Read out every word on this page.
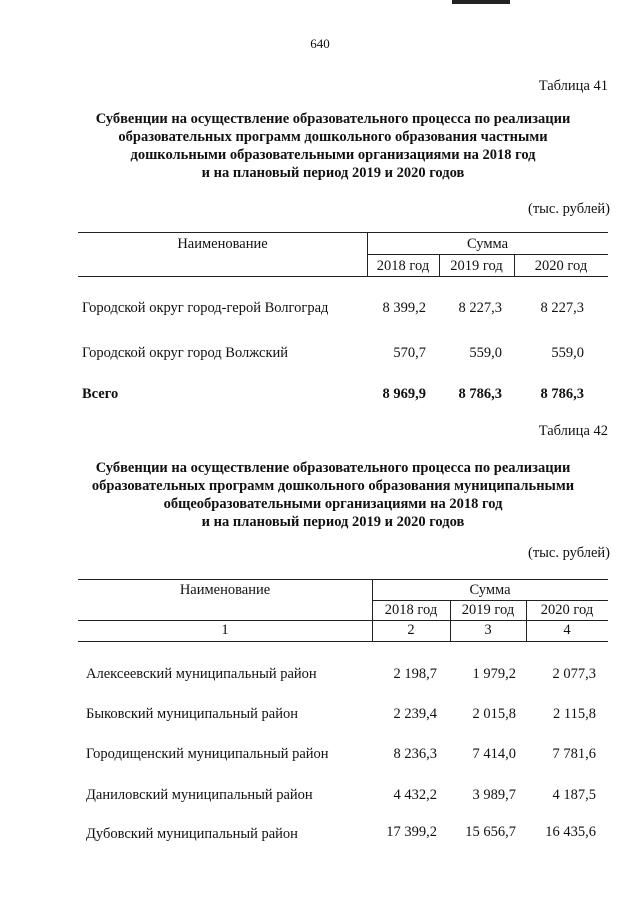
640
Таблица 41
Субвенции на осуществление образовательного процесса по реализации
образовательных программ дошкольного образования частными
дошкольными образовательными организациями на 2018 год
и на плановый период 2019 и 2020 годов
(тыс. рублей)
Наименование	Сумма
2018 год	2019 год	2020 год
Городской округ город-герой Волгоград	8 399,2	8 227,3	8 227,3
Городской округ город Волжский	570,7	559,0	559,0
Всего	8 969,9	8 786,3	8 786,3
Таблица 42
Субвенции на осуществление образовательного процесса по реализации
образовательных программ дошкольного образования муниципальными
общеобразовательными организациями на 2018 год
и на плановый период 2019 и 2020 годов
(тыс. рублей)
Наименование	Сумма
2018 год	2019 год	2020 год
1	2	3	4
Алексеевский муниципальный район	2 198,7	1 979,2	2 077,3
Быковский муниципальный район	2 239,4	2 015,8	2 115,8
Городищенский муниципальный район	8 236,3	7 414,0	7 781,6
Даниловский муниципальный район	4 432,2	3 989,7	4 187,5
Дубовский муниципальный район	17 399,2	15 656,7	16 435,6
